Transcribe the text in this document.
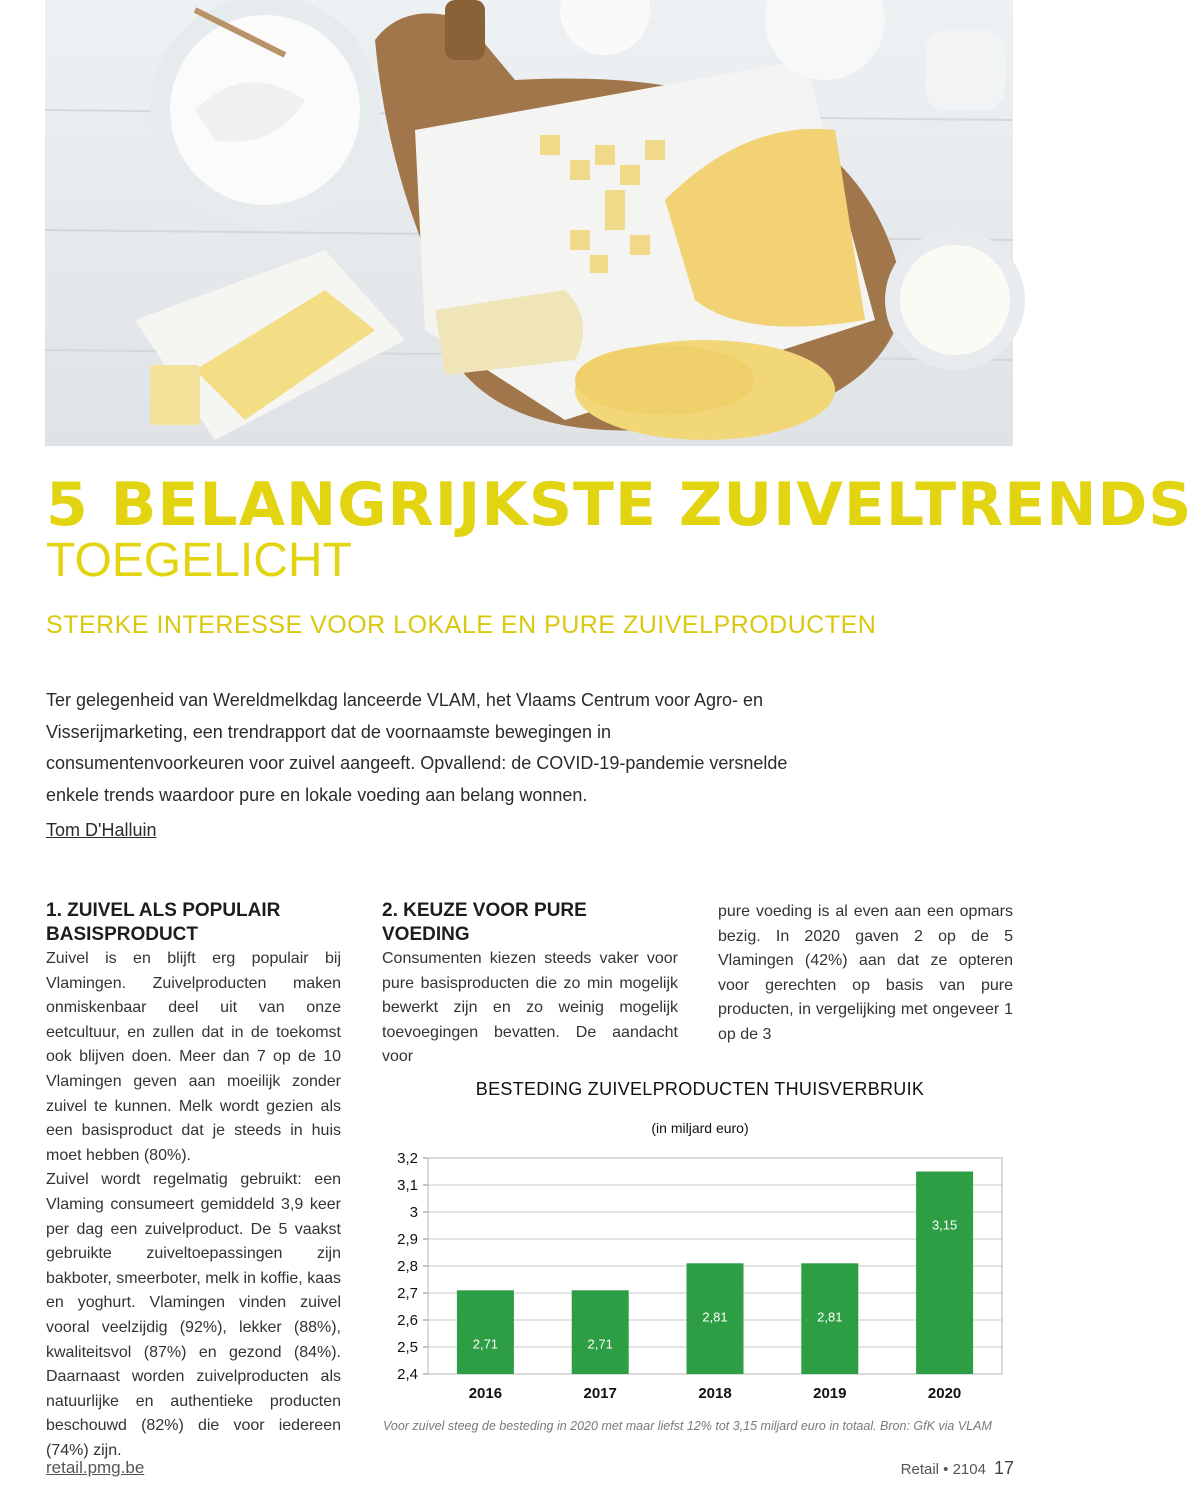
5 BELANGRIJKSTE ZUIVELTRENDS
TOEGELICHT

STERKE INTERESSE VOOR LOKALE EN PURE ZUIVELPRODUCTEN

Ter gelegenheid van Wereldmelkdag lanceerde VLAM, het Vlaams Centrum voor Agro- en Visserijmarketing, een trendrapport dat de voornaamste bewegingen in consumentenvoorkeuren voor zuivel aangeeft. Opvallend: de COVID-19-pandemie versnelde enkele trends waardoor pure en lokale voeding aan belang wonnen.

Tom D'Halluin
1. ZUIVEL ALS POPULAIR BASISPRODUCT

Zuivel is en blijft erg populair bij Vlamingen. Zuivelproducten maken onmiskenbaar deel uit van onze eetcultuur, en zullen dat in de toekomst ook blijven doen. Meer dan 7 op de 10 Vlamingen geven aan moeilijk zonder zuivel te kunnen. Melk wordt gezien als een basisproduct dat je steeds in huis moet hebben (80%).

Zuivel wordt regelmatig gebruikt: een Vlaming consumeert gemiddeld 3,9 keer per dag een zuivelproduct. De 5 vaakst gebruikte zuiveltoepassingen zijn bakboter, smeerboter, melk in koffie, kaas en yoghurt. Vlamingen vinden zuivel vooral veelzijdig (92%), lekker (88%), kwaliteitsvol (87%) en gezond (84%). Daarnaast worden zuivelproducten als natuurlijke en authentieke producten beschouwd (82%) die voor iedereen (74%) zijn.

2. KEUZE VOOR PURE VOEDING

Consumenten kiezen steeds vaker voor pure basisproducten die zo min mogelijk bewerkt zijn en zo weinig mogelijk toevoegingen bevatten. De aandacht voor

pure voeding is al even aan een opmars bezig. In 2020 gaven 2 op de 5 Vlamingen (42%) aan dat ze opteren voor gerechten op basis van pure producten, in vergelijking met ongeveer 1 op de 3

BESTEDING ZUIVELPRODUCTEN THUISVERBRUIK

(in miljard euro)

2,4
2,5
2,6
2,7
2,8
2,9
3
3,1
3,2
2,71
2016
2,71
2017
2,81
2018
2,81
2019
3,15
2020

Voor zuivel steeg de besteding in 2020 met maar liefst 12% tot 3,15 miljard euro in totaal. Bron: GfK via VLAM

retail.pmg.be	Retail • 2104 17
